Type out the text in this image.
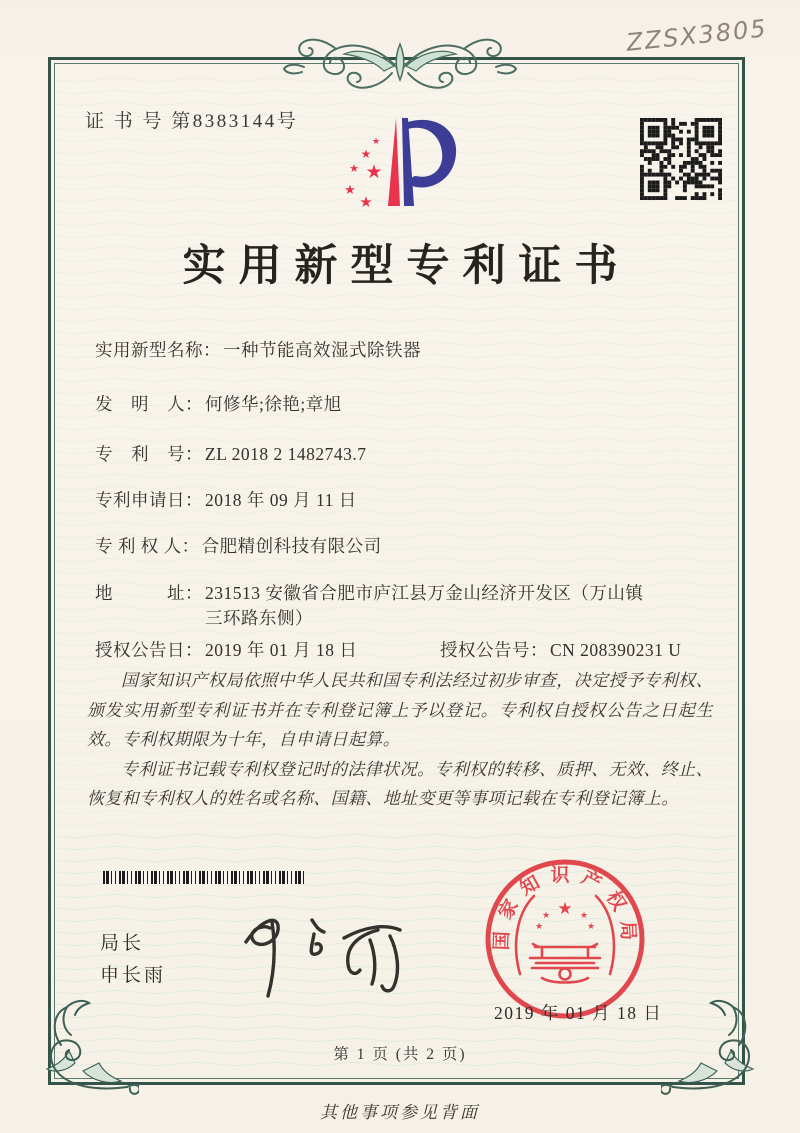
ZZSX3805
证 书 号 第8383144号
★
★
★ ★
★
★
实用新型专利证书
实用新型名称： 一种节能高效湿式除铁器
发　明　人： 何修华;徐艳;章旭
专　利　号： ZL 2018 2 1482743.7
专利申请日： 2018 年 09 月 11 日
专 利 权 人： 合肥精创科技有限公司
地　　　址： 231513 安徽省合肥市庐江县万金山经济开发区（万山镇
三环路东侧）
授权公告日： 2019 年 01 月 18 日	授权公告号： CN 208390231 U

国家知识产权局依照中华人民共和国专利法经过初步审查，决定授予专利权、颁发实用新型专利证书并在专利登记簿上予以登记。专利权自授权公告之日起生效。专利权期限为十年，自申请日起算。

专利证书记载专利权登记时的法律状况。专利权的转移、质押、无效、终止、恢复和专利权人的姓名或名称、国籍、地址变更等事项记载在专利登记簿上。

局长
申长雨
国家知识产权局
★
★	★
★	★
2019 年 01 月 18 日
第 1 页 (共 2 页)
其他事项参见背面
